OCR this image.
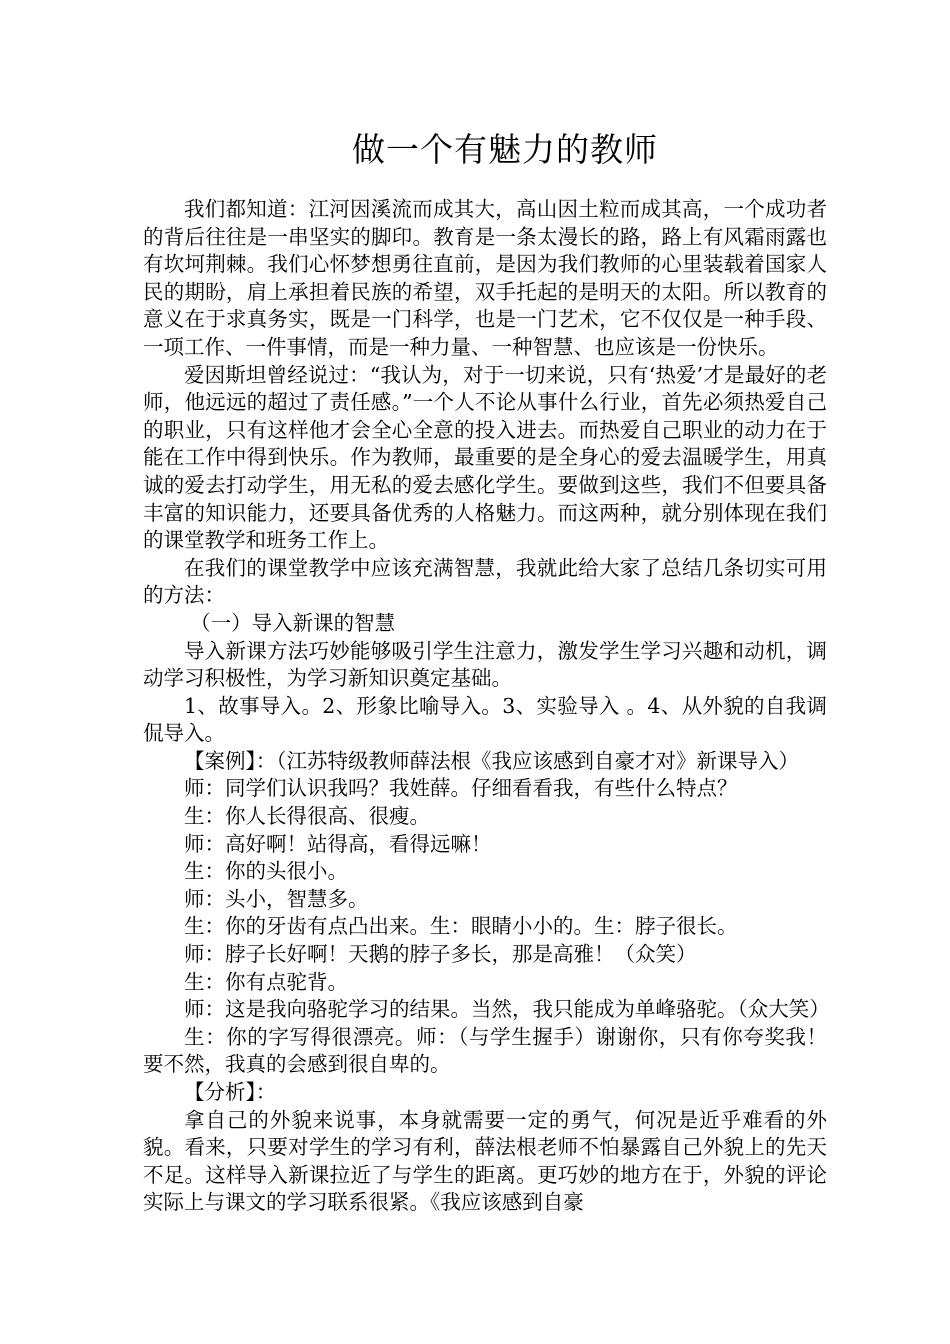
做一个有魅力的教师

我们都知道：江河因溪流而成其大，高山因土粒而成其高，一个成功者的背后往往是一串坚实的脚印。教育是一条太漫长的路，路上有风霜雨露也有坎坷荆棘。我们心怀梦想勇往直前，是因为我们教师的心里装载着国家人民的期盼，肩上承担着民族的希望，双手托起的是明天的太阳。所以教育的意义在于求真务实，既是一门科学，也是一门艺术，它不仅仅是一种手段、一项工作、一件事情，而是一种力量、一种智慧、也应该是一份快乐。

爱因斯坦曾经说过：“我认为，对于一切来说，只有‘热爱’才是最好的老师，他远远的超过了责任感。”一个人不论从事什么行业，首先必须热爱自己的职业，只有这样他才会全心全意的投入进去。而热爱自己职业的动力在于能在工作中得到快乐。作为教师，最重要的是全身心的爱去温暖学生，用真诚的爱去打动学生，用无私的爱去感化学生。要做到这些，我们不但要具备丰富的知识能力，还要具备优秀的人格魅力。而这两种，就分别体现在我们的课堂教学和班务工作上。

在我们的课堂教学中应该充满智慧，我就此给大家了总结几条切实可用的方法：

（一）导入新课的智慧

导入新课方法巧妙能够吸引学生注意力，激发学生学习兴趣和动机，调动学习积极性，为学习新知识奠定基础。

1、故事导入。2、形象比喻导入。3、实验导入 。4、从外貌的自我调侃导入。

【案例】：（江苏特级教师薛法根《我应该感到自豪才对》新课导入）

师：同学们认识我吗？我姓薛。仔细看看我，有些什么特点？

生：你人长得很高、很瘦。

师：高好啊！站得高，看得远嘛！

生：你的头很小。

师：头小，智慧多。

生：你的牙齿有点凸出来。生：眼睛小小的。生：脖子很长。

师：脖子长好啊！天鹅的脖子多长，那是高雅！（众笑）

生：你有点驼背。

师：这是我向骆驼学习的结果。当然，我只能成为单峰骆驼。（众大笑）

生：你的字写得很漂亮。师：（与学生握手）谢谢你，只有你夸奖我！要不然，我真的会感到很自卑的。

【分析】：

拿自己的外貌来说事，本身就需要一定的勇气，何况是近乎难看的外貌。看来，只要对学生的学习有利，薛法根老师不怕暴露自己外貌上的先天不足。这样导入新课拉近了与学生的距离。更巧妙的地方在于，外貌的评论实际上与课文的学习联系很紧。《我应该感到自豪
